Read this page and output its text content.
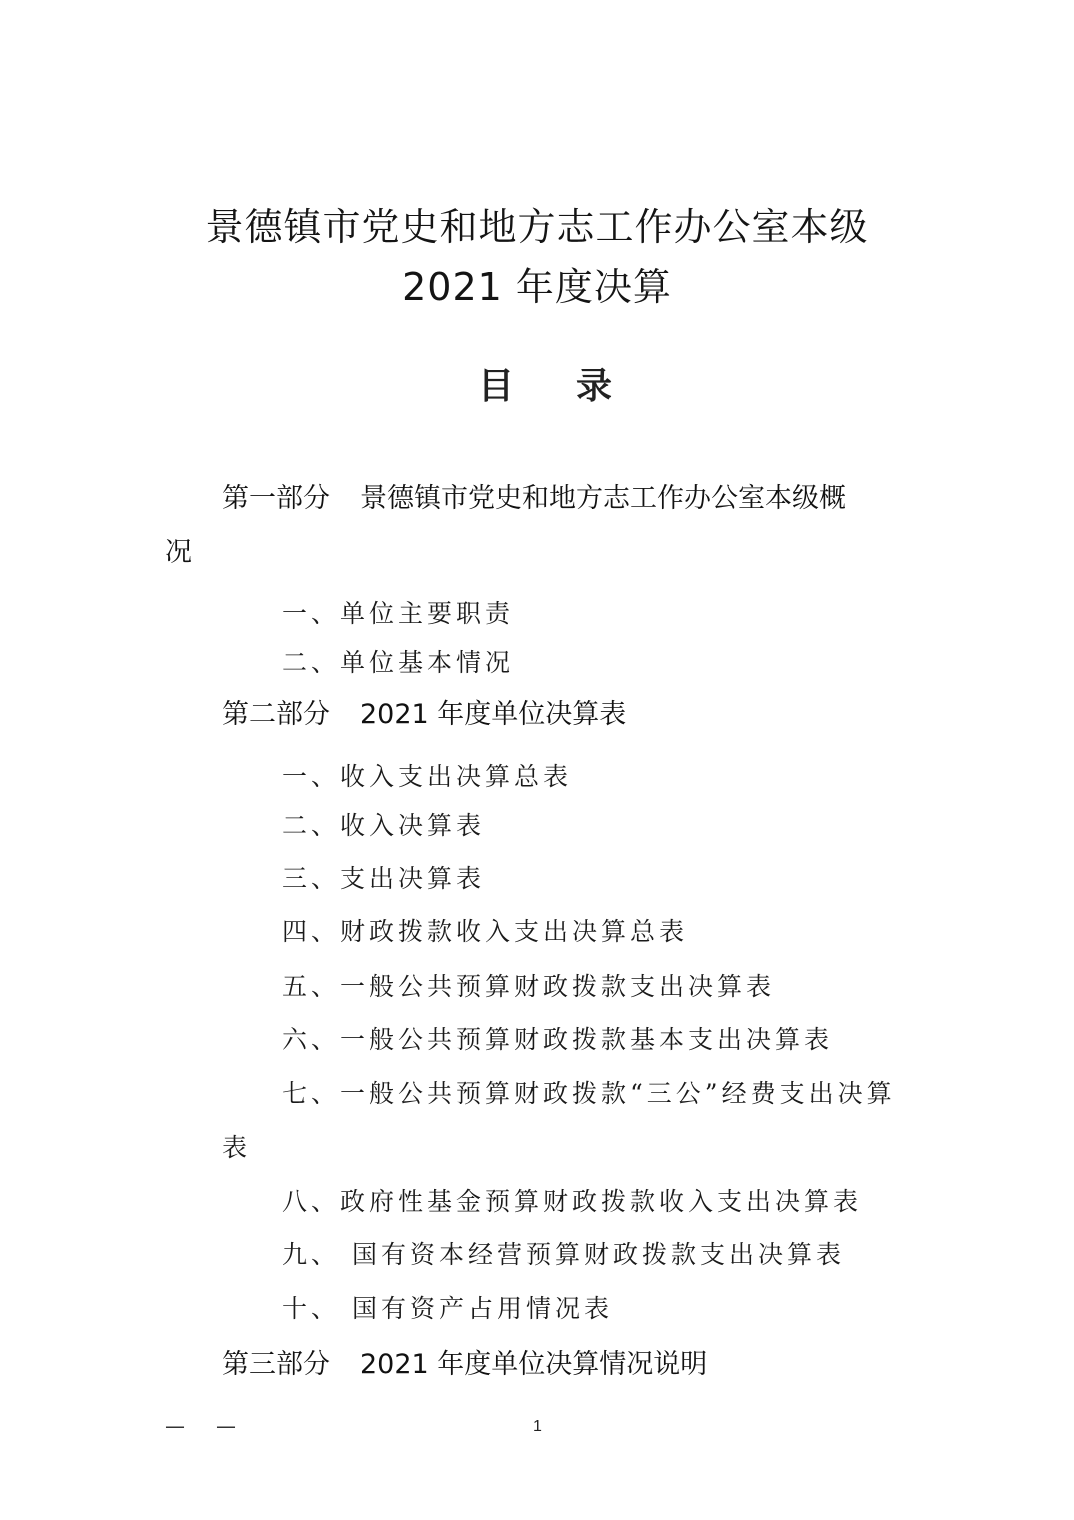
景德镇市党史和地方志工作办公室本级
2021 年度决算
目 录
第一部分 景德镇市党史和地方志工作办公室本级概
况
一、单位主要职责
二、单位基本情况
第二部分 2021 年度单位决算表
一、收入支出决算总表
二、收入决算表
三、支出决算表
四、财政拨款收入支出决算总表
五、一般公共预算财政拨款支出决算表
六、一般公共预算财政拨款基本支出决算表
七、一般公共预算财政拨款“三公”经费支出决算
表
八、政府性基金预算财政拨款收入支出决算表
九、 国有资本经营预算财政拨款支出决算表
十、 国有资产占用情况表
第三部分 2021 年度单位决算情况说明
— —	1
